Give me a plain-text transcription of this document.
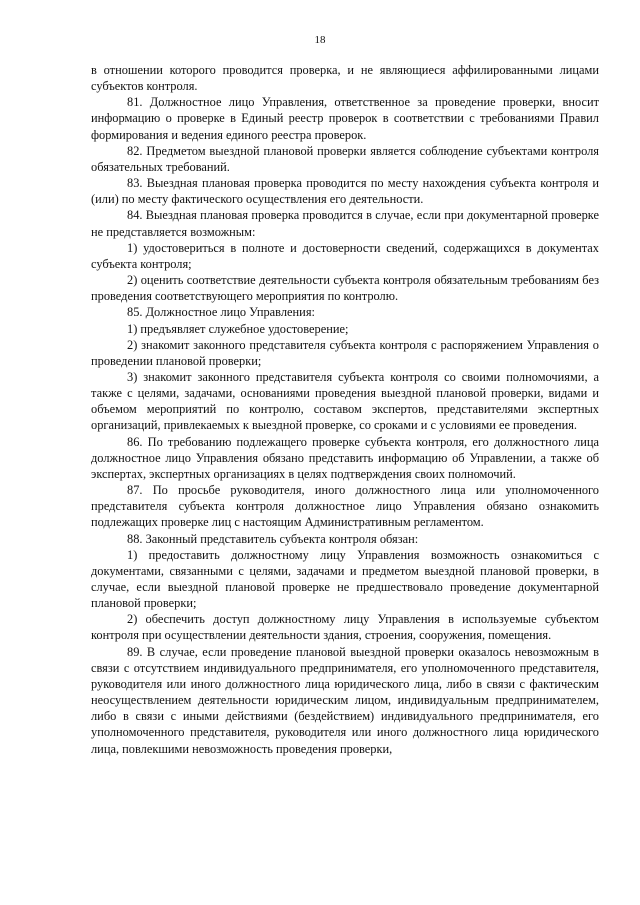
18

в отношении которого проводится проверка, и не являющиеся аффилированными лицами субъектов контроля.

81. Должностное лицо Управления, ответственное за проведение проверки, вносит информацию о проверке в Единый реестр проверок в соответствии с требованиями Правил формирования и ведения единого реестра проверок.

82. Предметом выездной плановой проверки является соблюдение субъектами контроля обязательных требований.

83. Выездная плановая проверка проводится по месту нахождения субъекта контроля и (или) по месту фактического осуществления его деятельности.

84. Выездная плановая проверка проводится в случае, если при документарной проверке не представляется возможным:

1) удостовериться в полноте и достоверности сведений, содержащихся в документах субъекта контроля;

2) оценить соответствие деятельности субъекта контроля обязательным требованиям без проведения соответствующего мероприятия по контролю.

85. Должностное лицо Управления:

1) предъявляет служебное удостоверение;

2) знакомит законного представителя субъекта контроля с распоряжением Управления о проведении плановой проверки;

3) знакомит законного представителя субъекта контроля со своими полномочиями, а также с целями, задачами, основаниями проведения выездной плановой проверки, видами и объемом мероприятий по контролю, составом экспертов, представителями экспертных организаций, привлекаемых к выездной проверке, со сроками и с условиями ее проведения.

86. По требованию подлежащего проверке субъекта контроля, его должностного лица должностное лицо Управления обязано представить информацию об Управлении, а также об экспертах, экспертных организациях в целях подтверждения своих полномочий.

87. По просьбе руководителя, иного должностного лица или уполномоченного представителя субъекта контроля должностное лицо Управления обязано ознакомить подлежащих проверке лиц с настоящим Административным регламентом.

88. Законный представитель субъекта контроля обязан:

1) предоставить должностному лицу Управления возможность ознакомиться с документами, связанными с целями, задачами и предметом выездной плановой проверки, в случае, если выездной плановой проверке не предшествовало проведение документарной плановой проверки;

2) обеспечить доступ должностному лицу Управления в используемые субъектом контроля при осуществлении деятельности здания, строения, сооружения, помещения.

89. В случае, если проведение плановой выездной проверки оказалось невозможным в связи с отсутствием индивидуального предпринимателя, его уполномоченного представителя, руководителя или иного должностного лица юридического лица, либо в связи с фактическим неосуществлением деятельности юридическим лицом, индивидуальным предпринимателем, либо в связи с иными действиями (бездействием) индивидуального предпринимателя, его уполномоченного представителя, руководителя или иного должностного лица юридического лица, повлекшими невозможность проведения проверки,
